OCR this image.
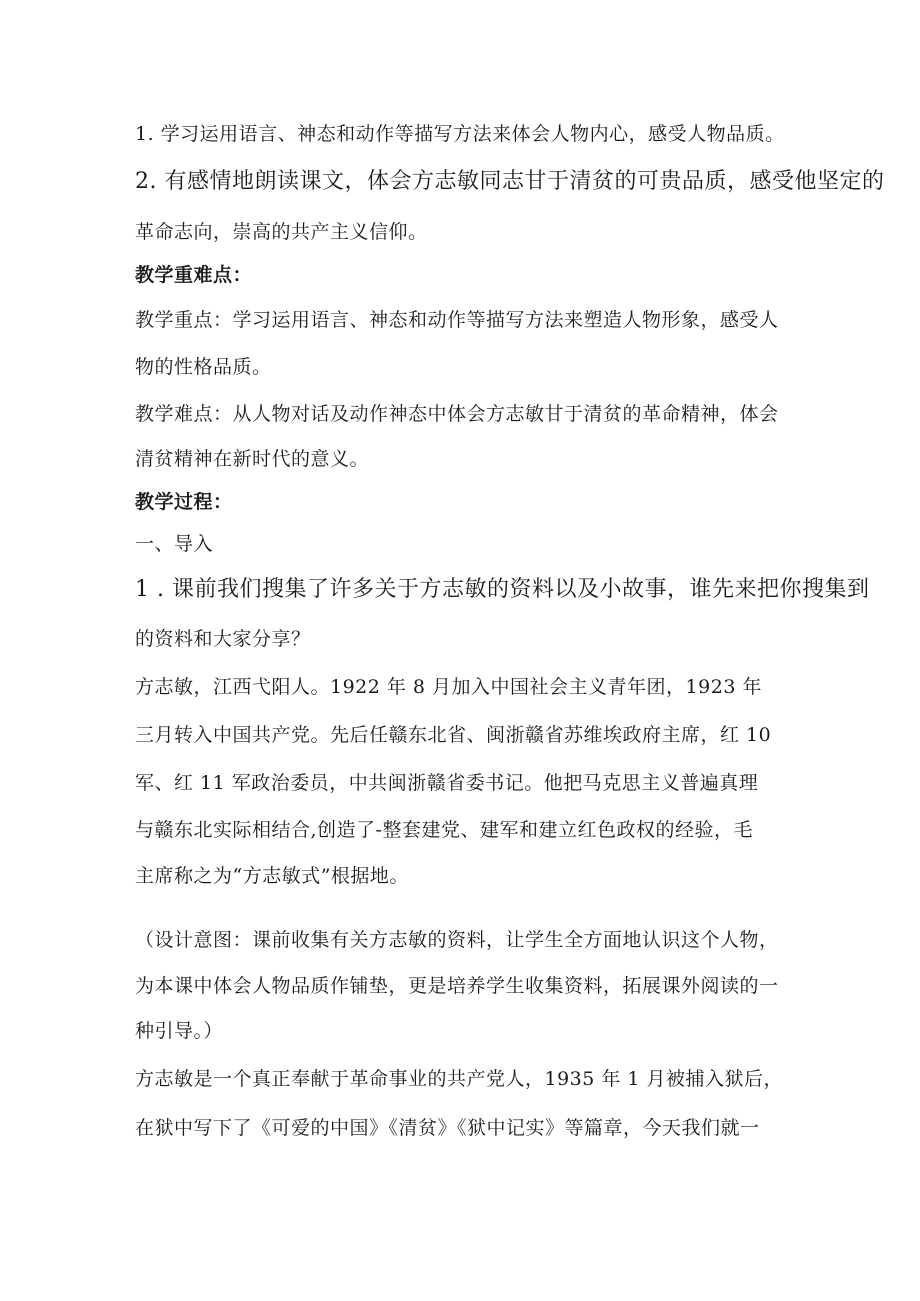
1. 学习运用语言、神态和动作等描写方法来体会人物内心，感受人物品质。
2. 有感情地朗读课文，体会方志敏同志甘于清贫的可贵品质，感受他坚定的
革命志向，崇高的共产主义信仰。
教学重难点：
教学重点：学习运用语言、神态和动作等描写方法来塑造人物形象，感受人
物的性格品质。
教学难点：从人物对话及动作神态中体会方志敏甘于清贫的革命精神，体会
清贫精神在新时代的意义。
教学过程：
一、导入
1 . 课前我们搜集了许多关于方志敏的资料以及小故事，谁先来把你搜集到
的资料和大家分享？
方志敏，江西弋阳人。1922 年 8 月加入中国社会主义青年团，1923 年
三月转入中国共产党。先后任赣东北省、闽浙赣省苏维埃政府主席，红 10
军、红 11 军政治委员，中共闽浙赣省委书记。他把马克思主义普遍真理
与赣东北实际相结合,创造了-整套建党、建军和建立红色政权的经验，毛
主席称之为“方志敏式”根据地。
（设计意图：课前收集有关方志敏的资料，让学生全方面地认识这个人物，
为本课中体会人物品质作铺垫，更是培养学生收集资料，拓展课外阅读的一
种引导。）
方志敏是一个真正奉献于革命事业的共产党人，1935 年 1 月被捕入狱后，
在狱中写下了《可爱的中国》《清贫》《狱中记实》等篇章，今天我们就一
